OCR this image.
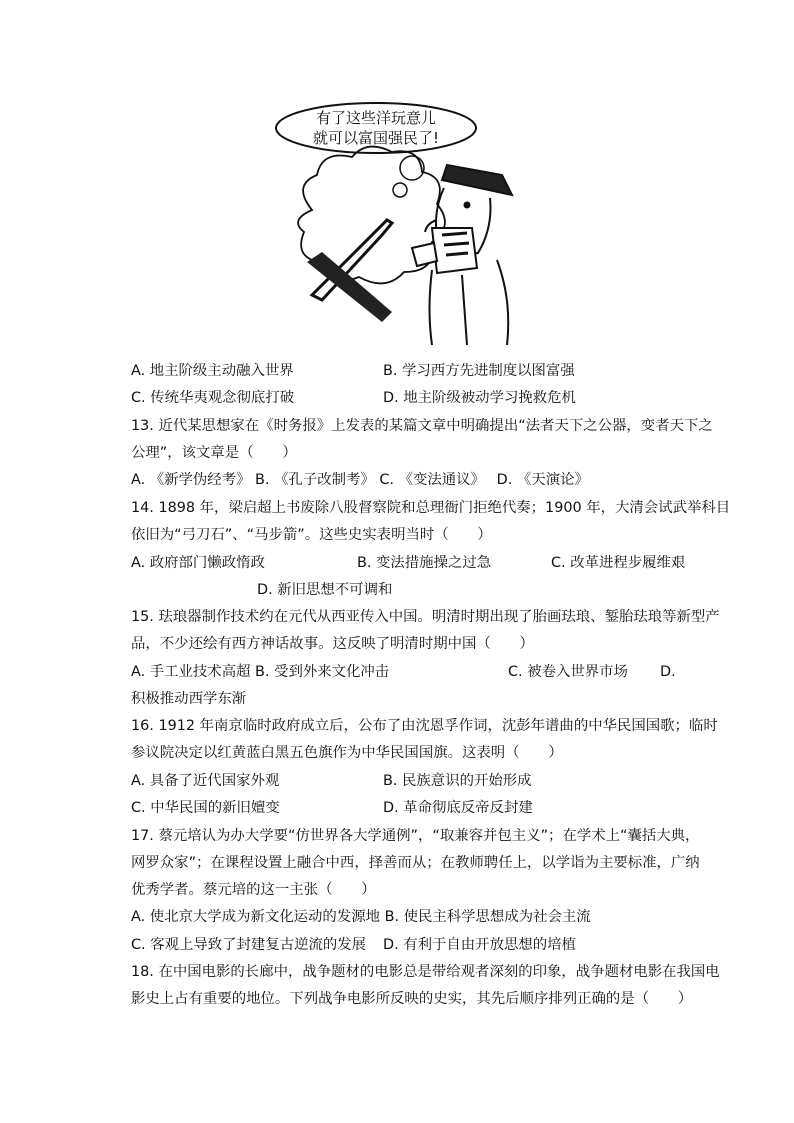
有了这些洋玩意儿
就可以富国强民了!
A. 地主阶级主动融入世界	B. 学习西方先进制度以图富强
C. 传统华夷观念彻底打破	D. 地主阶级被动学习挽救危机
13. 近代某思想家在《时务报》上发表的某篇文章中明确提出“法者天下之公器，变者天下之
公理”，该文章是（　　）
A. 《新学伪经考》 B. 《孔子改制考》 C. 《变法通议》　 D. 《天演论》
14. 1898 年，梁启超上书废除八股督察院和总理衙门拒绝代奏；1900 年，大清会试武举科目
依旧为“弓刀石”、“马步箭”。这些史实表明当时（　　）
A. 政府部门懒政惰政	B. 变法措施操之过急	C. 改革进程步履维艰
D. 新旧思想不可调和
15. 珐琅器制作技术约在元代从西亚传入中国。明清时期出现了胎画珐琅、錾胎珐琅等新型产
品，不少还绘有西方神话故事。这反映了明清时期中国（　　）
A. 手工业技术高超 B. 受到外来文化冲击	C. 被卷入世界市场 D.
积极推动西学东渐
16. 1912 年南京临时政府成立后，公布了由沈恩孚作词，沈彭年谱曲的中华民国国歌；临时
参议院决定以红黄蓝白黑五色旗作为中华民国国旗。这表明（　　）
A. 具备了近代国家外观	B. 民族意识的开始形成
C. 中华民国的新旧嬗变	D. 革命彻底反帝反封建
17. 蔡元培认为办大学要“仿世界各大学通例”，“取兼容并包主义”；在学术上“囊括大典，
网罗众家”；在课程设置上融合中西，择善而从；在教师聘任上，以学诣为主要标准，广纳
优秀学者。蔡元培的这一主张（　　）
A. 使北京大学成为新文化运动的发源地 B. 使民主科学思想成为社会主流
C. 客观上导致了封建复古逆流的发展 D. 有利于自由开放思想的培植
18. 在中国电影的长廊中，战争题材的电影总是带给观者深刻的印象，战争题材电影在我国电
影史上占有重要的地位。下列战争电影所反映的史实，其先后顺序排列正确的是（　　）
